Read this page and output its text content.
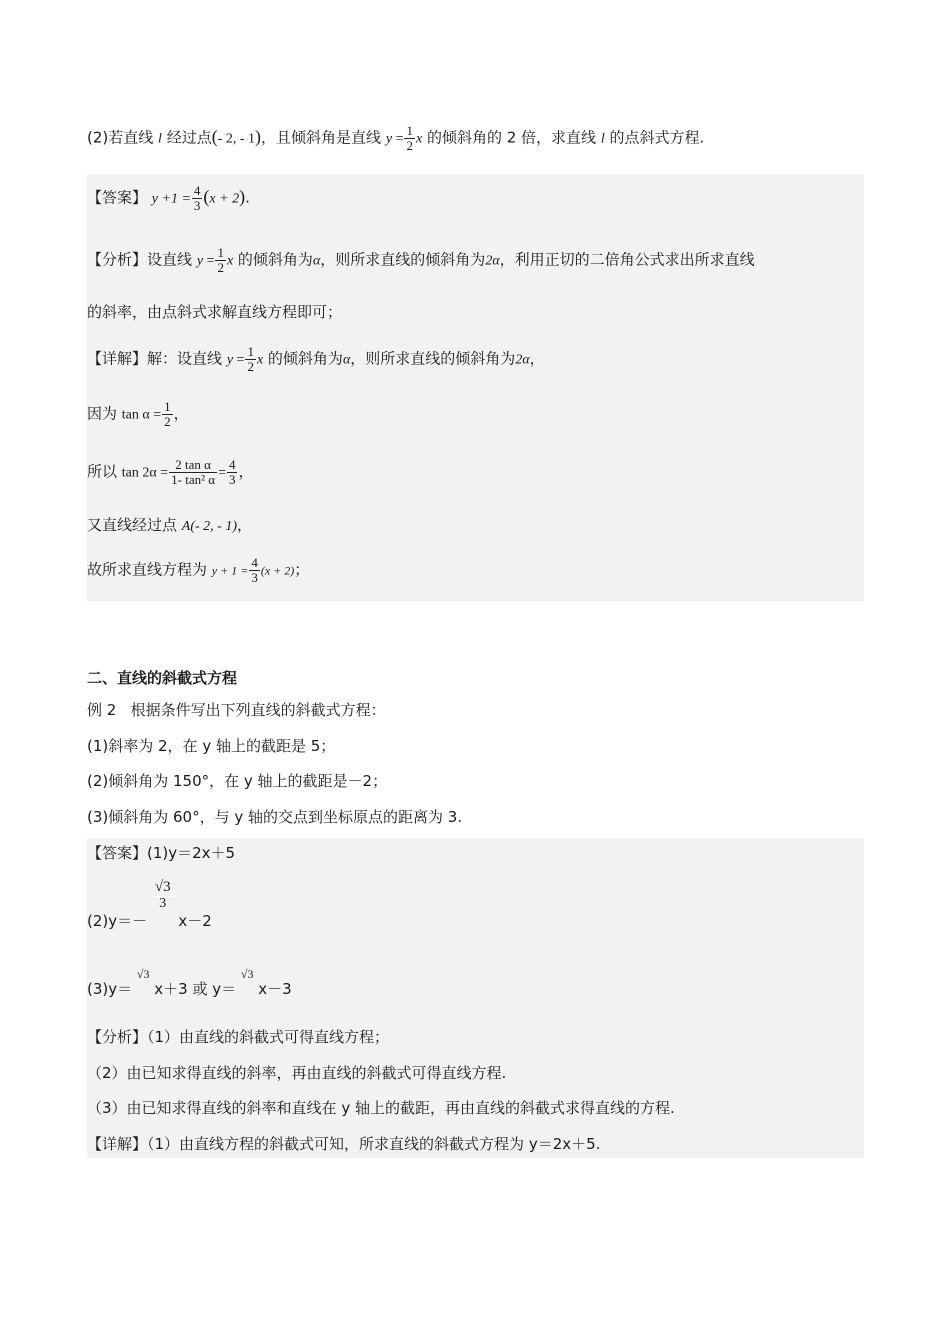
(2)若直线 l 经过点(- 2, - 1)，且倾斜角是直线 $y = \frac{1}{2}$ x 的倾斜角的 2 倍，求直线 l 的点斜式方程.
【答案】 $y +1 = \frac{4}{3} (x + 2)$.
【分析】设直线 $y = \frac{1}{2}$ x 的倾斜角为α，则所求直线的倾斜角为2α，利用正切的二倍角公式求出所求直线
的斜率，由点斜式求解直线方程即可；
【详解】解：设直线 $y = \frac{1}{2}$ x 的倾斜角为α，则所求直线的倾斜角为2α，
因为 $\tan \alpha = \frac{1}{2}$ ，
所以 $\tan 2\alpha = \frac{\text{2 tan α}}{\text{1- tan² α}} = \frac{4}{3}$ ，
又直线经过点 A(- 2, - 1)，
故所求直线方程为 $y + 1 = \frac{4}{3} (x + 2)$；
二、直线的斜截式方程
例 2 根据条件写出下列直线的斜截式方程：
(1)斜率为 2，在 y 轴上的截距是 5；
(2)倾斜角为 150°，在 y 轴上的截距是－2；
(3)倾斜角为 60°，与 y 轴的交点到坐标原点的距离为 3.
【答案】(1)y＝2x＋5
(2)y＝－
$\frac{√3}{3}$
x－2
(3)y＝ √3 x＋3 或 y＝ √3 x－3
【分析】（1）由直线的斜截式可得直线方程；
（2）由已知求得直线的斜率，再由直线的斜截式可得直线方程.
（3）由已知求得直线的斜率和直线在 y 轴上的截距，再由直线的斜截式求得直线的方程.
【详解】（1）由直线方程的斜截式可知，所求直线的斜截式方程为 y＝2x＋5.
